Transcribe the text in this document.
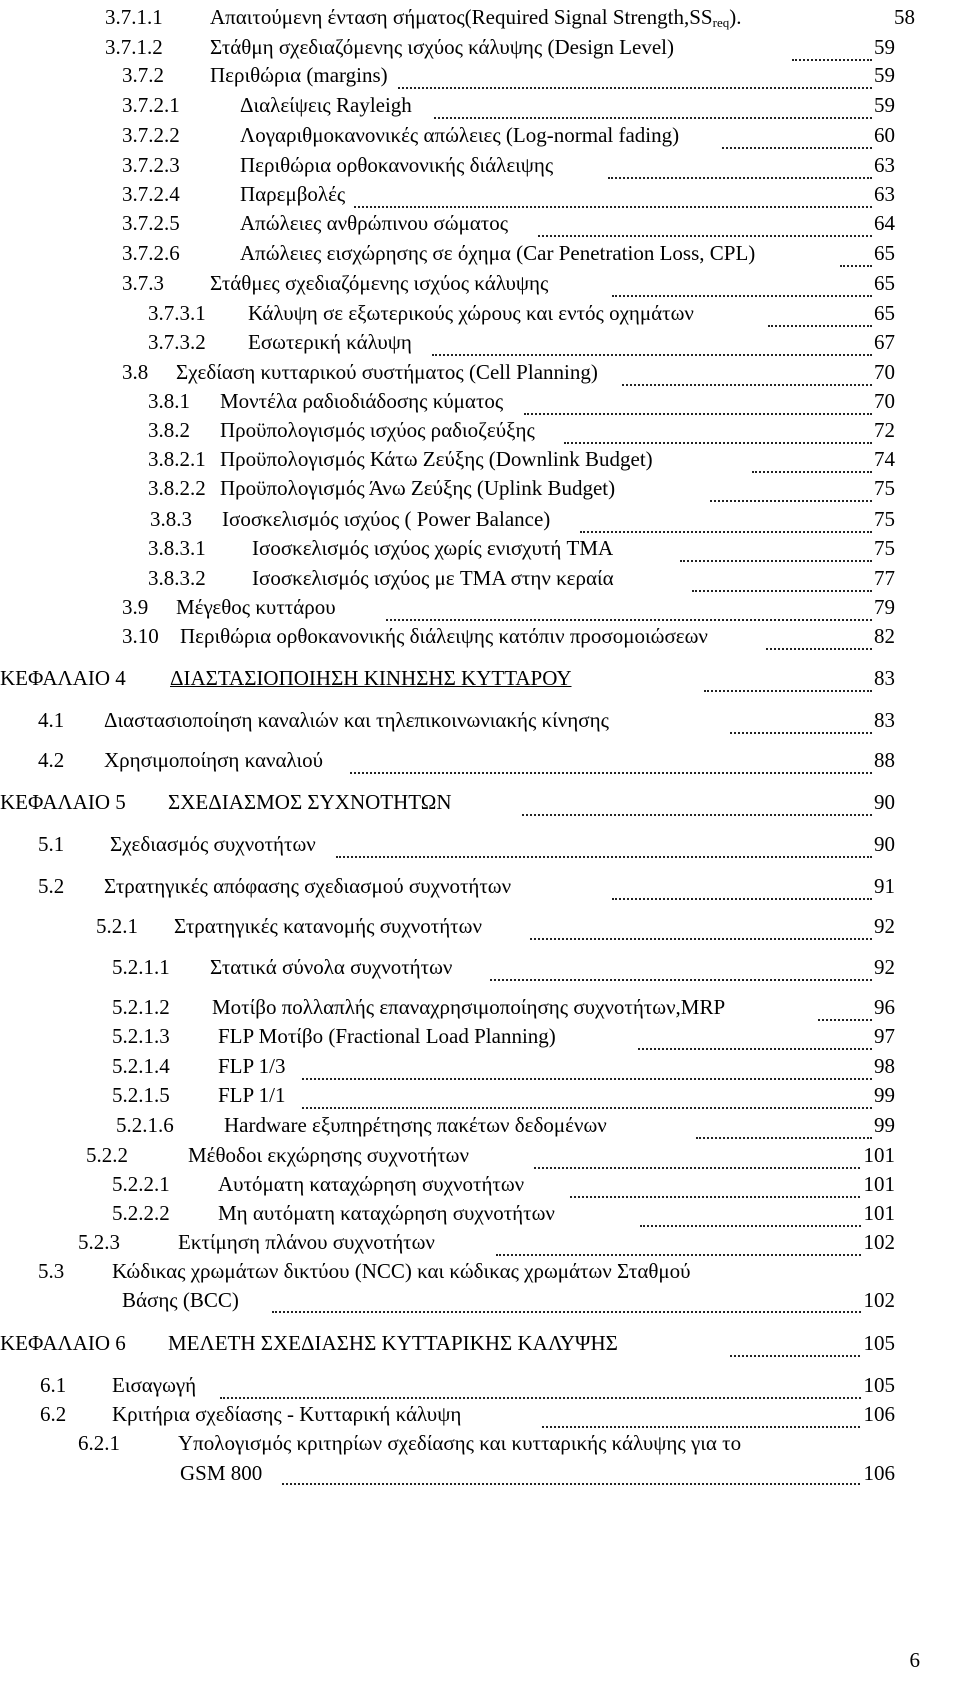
3.7.1.1 Απαιτούμενη ένταση σήματος(Required Signal $Strength,SS_{req}$).	58
3.7.1.2 Στάθμη σχεδιαζόμενης ισχύος κάλυψης (Design Level)	59
3.7.2 Περιθώρια (margins)	59
3.7.2.1	Διαλείψεις Rayleigh	59
3.7.2.2	Λογαριθμοκανονικές απώλειες (Log-normal fading)	60
3.7.2.3	Περιθώρια ορθοκανονικής διάλειψης	63
3.7.2.4	Παρεμβολές	63
3.7.2.5	Απώλειες ανθρώπινου σώματος	64
3.7.2.6	Απώλειες εισχώρησης σε όχημα (Car Penetration Loss, CPL)	65
3.7.3 Στάθμες σχεδιαζόμενης ισχύος κάλυψης	65
3.7.3.1 Κάλυψη σε εξωτερικούς χώρους και εντός οχημάτων	65
3.7.3.2 Εσωτερική κάλυψη	67
3.8 Σχεδίαση κυτταρικού συστήματος (Cell Planning)	70
3.8.1 Μοντέλα ραδιοδιάδοσης κύματος	70
3.8.2 Προϋπολογισμός ισχύος ραδιοζεύξης	72
3.8.2.1 Προϋπολογισμός Κάτω Ζεύξης (Downlink Budget)	74
3.8.2.2 Προϋπολογισμός Άνω Ζεύξης (Uplink Budget)	75
3.8.3 Ισοσκελισμός ισχύος ( Power Balance)	75
3.8.3.1 Ισοσκελισμός ισχύος χωρίς ενισχυτή TMA	75
3.8.3.2 Ισοσκελισμός ισχύος με TMA στην κεραία	77
3.9 Μέγεθος κυττάρου	79
3.10 Περιθώρια ορθοκανονικής διάλειψης κατόπιν προσομοιώσεων	82
ΚΕΦΑΛΑΙΟ 4 ΔΙΑΣΤΑΣΙΟΠΟΙΗΣΗ ΚΙΝΗΣΗΣ ΚΥΤΤΑΡΟΥ	83
4.1 Διαστασιοποίηση καναλιών και τηλεπικοινωνιακής κίνησης	83
4.2 Χρησιμοποίηση καναλιού	88
ΚΕΦΑΛΑΙΟ 5 ΣΧΕΔΙΑΣΜΟΣ ΣΥΧΝΟΤΗΤΩΝ	90
5.1 Σχεδιασμός συχνοτήτων	90
5.2 Στρατηγικές απόφασης σχεδιασμού συχνοτήτων	91
5.2.1 Στρατηγικές κατανομής συχνοτήτων	92
5.2.1.1 Στατικά σύνολα συχνοτήτων	92
5.2.1.2 Μοτίβο πολλαπλής επαναχρησιμοποίησης συχνοτήτων,MRP	96
5.2.1.3 FLP Μοτίβο (Fractional Load Planning)	97
5.2.1.4 FLP 1/3	98
5.2.1.5 FLP 1/1	99
5.2.1.6 Hardware εξυπηρέτησης πακέτων δεδομένων	99
5.2.2	Μέθοδοι εκχώρησης συχνοτήτων	101
5.2.2.1 Αυτόματη καταχώρηση συχνοτήτων	101
5.2.2.2 Μη αυτόματη καταχώρηση συχνοτήτων	101
5.2.3	Εκτίμηση πλάνου συχνοτήτων	102
5.3 Κώδικας χρωμάτων δικτύου (NCC) και κώδικας χρωμάτων Σταθμού
Βάσης (BCC)	102
ΚΕΦΑΛΑΙΟ 6 ΜΕΛΕΤΗ ΣΧΕΔΙΑΣΗΣ ΚΥΤΤΑΡΙΚΗΣ ΚΑΛΥΨΗΣ	105
6.1 Εισαγωγή	105
6.2 Κριτήρια σχεδίασης - Κυτταρική κάλυψη	106
6.2.1	Υπολογισμός κριτηρίων σχεδίασης και κυτταρικής κάλυψης για το
GSM 800	106
6
